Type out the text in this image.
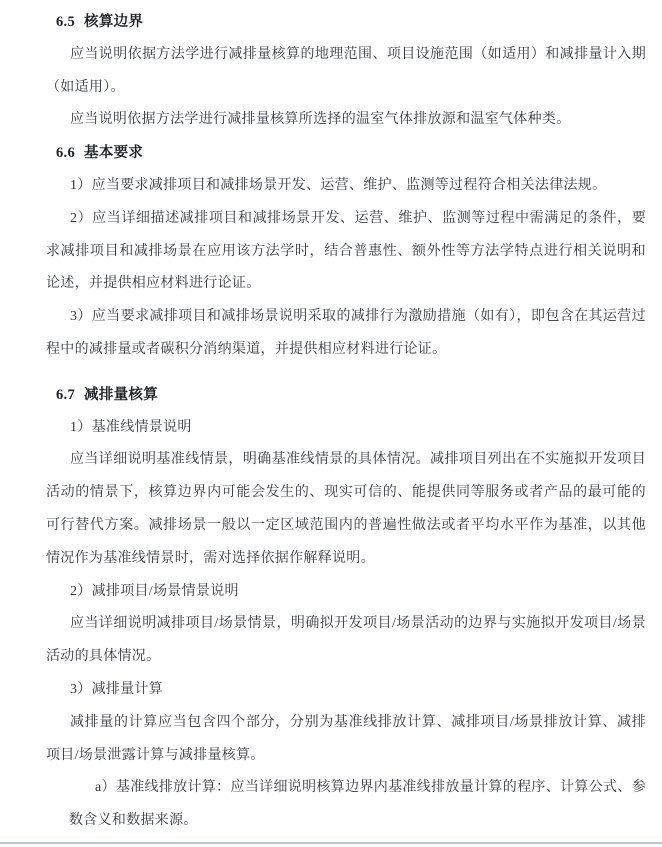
6.5 核算边界

应当说明依据方法学进行减排量核算的地理范围、项目设施范围（如适用）和减排量计入期（如适用）。

应当说明依据方法学进行减排量核算所选择的温室气体排放源和温室气体种类。

6.6 基本要求

1）应当要求减排项目和减排场景开发、运营、维护、监测等过程符合相关法律法规。

2）应当详细描述减排项目和减排场景开发、运营、维护、监测等过程中需满足的条件，要求减排项目和减排场景在应用该方法学时，结合普惠性、额外性等方法学特点进行相关说明和论述，并提供相应材料进行论证。

3）应当要求减排项目和减排场景说明采取的减排行为激励措施（如有），即包含在其运营过程中的减排量或者碳积分消纳渠道，并提供相应材料进行论证。

6.7 减排量核算

1）基准线情景说明

应当详细说明基准线情景，明确基准线情景的具体情况。减排项目列出在不实施拟开发项目活动的情景下，核算边界内可能会发生的、现实可信的、能提供同等服务或者产品的最可能的可行替代方案。减排场景一般以一定区域范围内的普遍性做法或者平均水平作为基准，以其他情况作为基准线情景时，需对选择依据作解释说明。

2）减排项目/场景情景说明

应当详细说明减排项目/场景情景，明确拟开发项目/场景活动的边界与实施拟开发项目/场景活动的具体情况。

3）减排量计算

减排量的计算应当包含四个部分，分别为基准线排放计算、减排项目/场景排放计算、减排项目/场景泄露计算与减排量核算。

a）基准线排放计算：应当详细说明核算边界内基准线排放量计算的程序、计算公式、参数含义和数据来源。
